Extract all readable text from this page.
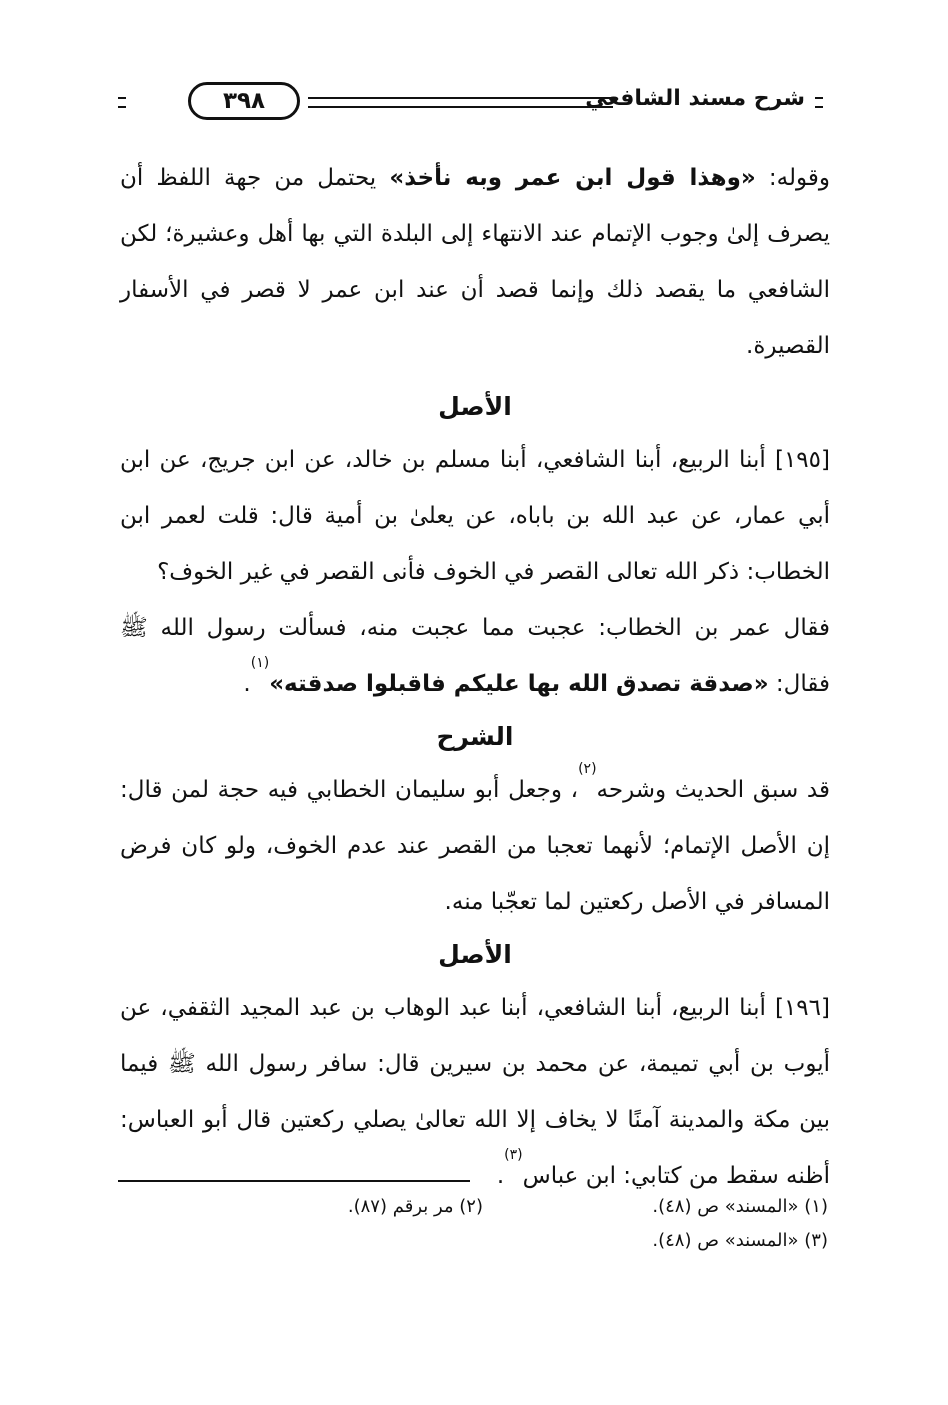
شرح مسند الشافعي
٣٩٨

وقوله: «وهذا قول ابن عمر وبه نأخذ» يحتمل من جهة اللفظ أن يصرف إلىٰ وجوب الإتمام عند الانتهاء إلى البلدة التي بها أهل وعشيرة؛ لكن الشافعي ما يقصد ذلك وإنما قصد أن عند ابن عمر لا قصر في الأسفار القصيرة.

الأصل

[١٩٥] أبنا الربيع، أبنا الشافعي، أبنا مسلم بن خالد، عن ابن جريج، عن ابن أبي عمار، عن عبد الله بن باباه، عن يعلىٰ بن أمية قال: قلت لعمر ابن الخطاب: ذكر الله تعالى القصر في الخوف فأنى القصر في غير الخوف؟

فقال عمر بن الخطاب: عجبت مما عجبت منه، فسألت رسول الله ﷺ فقال: «صدقة تصدق الله بها عليكم فاقبلوا صدقته»$^{(١)}$.

الشرح

قد سبق الحديث وشرحه$^{(٢)}$، وجعل أبو سليمان الخطابي فيه حجة لمن قال: إن الأصل الإتمام؛ لأنهما تعجبا من القصر عند عدم الخوف، ولو كان فرض المسافر في الأصل ركعتين لما تعجّبا منه.

الأصل

[١٩٦] أبنا الربيع، أبنا الشافعي، أبنا عبد الوهاب بن عبد المجيد الثقفي، عن أيوب بن أبي تميمة، عن محمد بن سيرين قال: سافر رسول الله ﷺ فيما بين مكة والمدينة آمنًا لا يخاف إلا الله تعالىٰ يصلي ركعتين قال أبو العباس: أظنه سقط من كتابي: ابن عباس$^{(٣)}$.

(١) «المسند» ص (٤٨).
(٢) مر برقم (٨٧).
(٣) «المسند» ص (٤٨).
